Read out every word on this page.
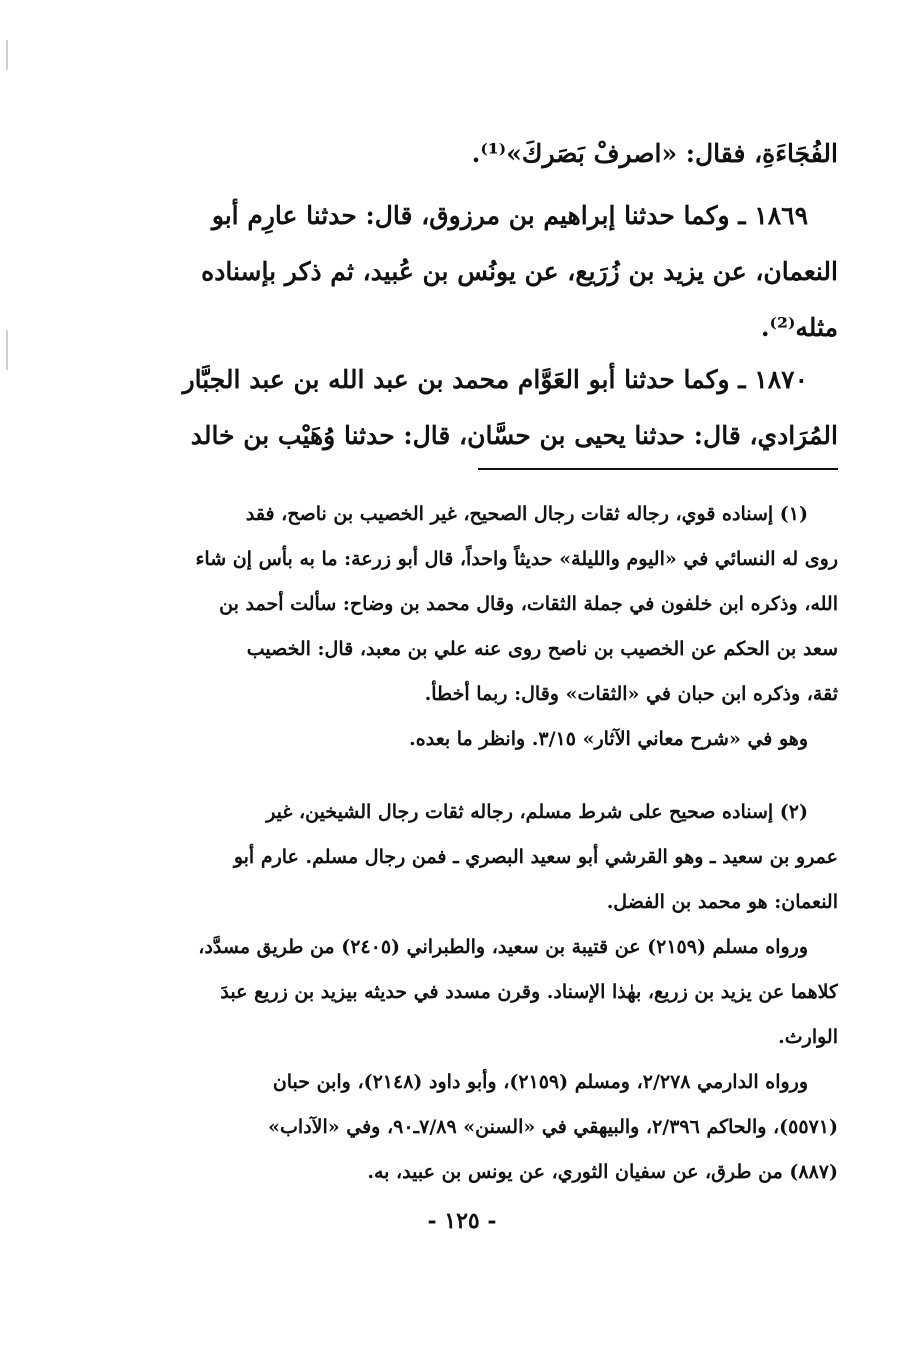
الفُجَاءَةِ، فقال: «اصرفْ بَصَركَ»⁽¹⁾.
١٨٦٩ ـ وكما حدثنا إبراهيم بن مرزوق، قال: حدثنا عارِم أبو
النعمان، عن يزيد بن زُرَيع، عن يونُس بن عُبيد، ثم ذكر بإسناده
مثله⁽²⁾.
١٨٧٠ ـ وكما حدثنا أبو العَوَّام محمد بن عبد الله بن عبد الجبَّار
المُرَادي، قال: حدثنا يحيى بن حسَّان، قال: حدثنا وُهَيْب بن خالد
(١) إسناده قوي، رجاله ثقات رجال الصحيح، غير الخصيب بن ناصح، فقد
روى له النسائي في «اليوم والليلة» حديثاً واحداً، قال أبو زرعة: ما به بأس إن شاء
الله، وذكره ابن خلفون في جملة الثقات، وقال محمد بن وضاح: سألت أحمد بن
سعد بن الحكم عن الخصيب بن ناصح روى عنه علي بن معبد، قال: الخصيب
ثقة، وذكره ابن حبان في «الثقات» وقال: ربما أخطأ.
وهو في «شرح معاني الآثار» ٣/١٥. وانظر ما بعده.
(٢) إسناده صحيح على شرط مسلم، رجاله ثقات رجال الشيخين، غير
عمرو بن سعيد ـ وهو القرشي أبو سعيد البصري ـ فمن رجال مسلم. عارم أبو
النعمان: هو محمد بن الفضل.
ورواه مسلم (٢١٥٩) عن قتيبة بن سعيد، والطبراني (٢٤٠٥) من طريق مسدَّد،
كلاهما عن يزيد بن زريع، بهٰذا الإسناد. وقرن مسدد في حديثه بيزيد بن زريع عبدَ
الوارث.
ورواه الدارمي ٢/٢٧٨، ومسلم (٢١٥٩)، وأبو داود (٢١٤٨)، وابن حبان
(٥٥٧١)، والحاكم ٢/٣٩٦، والبيهقي في «السنن» ٧/٨٩ـ٩٠، وفي «الآداب»
(٨٨٧) من طرق، عن سفيان الثوري، عن يونس بن عبيد، به.
- ١٢٥ -
